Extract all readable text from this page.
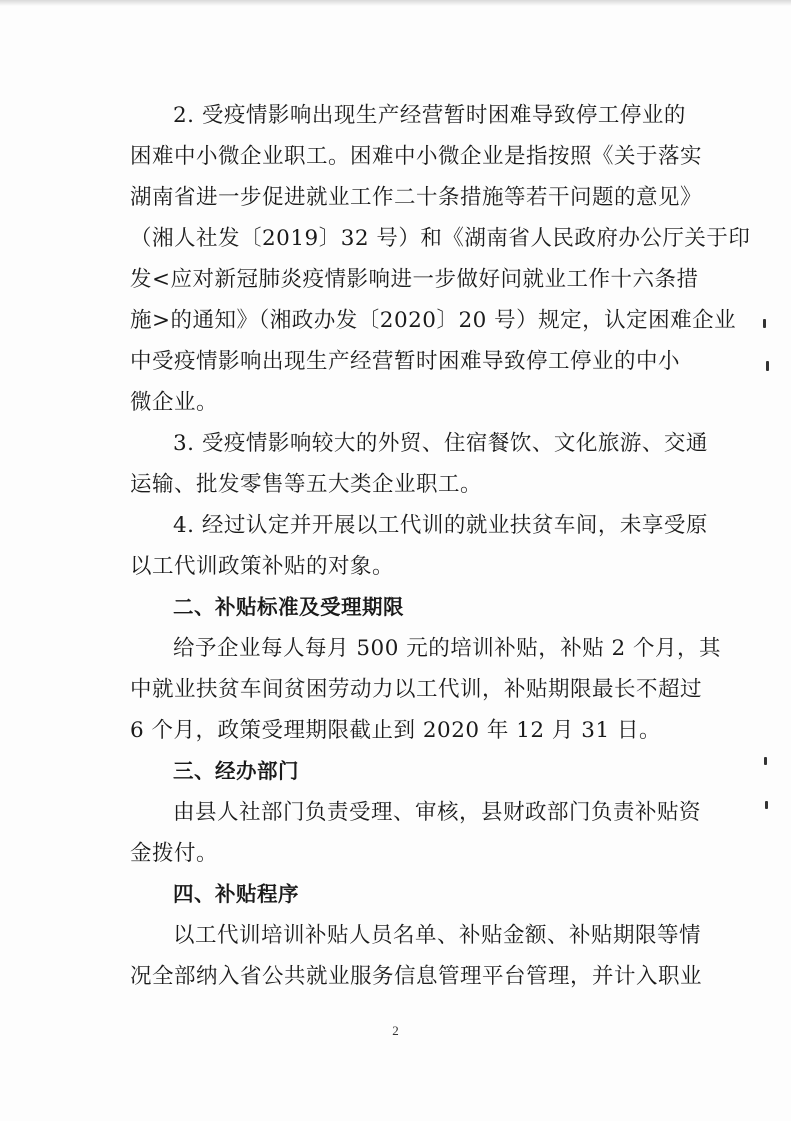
2. 受疫情影响出现生产经营暂时困难导致停工停业的
困难中小微企业职工。困难中小微企业是指按照《关于落实
湖南省进一步促进就业工作二十条措施等若干问题的意见》
（湘人社发〔2019〕32 号）和《湖南省人民政府办公厅关于印
发<应对新冠肺炎疫情影响进一步做好问就业工作十六条措
施>的通知》（湘政办发〔2020〕20 号）规定，认定困难企业
中受疫情影响出现生产经营暂时困难导致停工停业的中小
微企业。
3. 受疫情影响较大的外贸、住宿餐饮、文化旅游、交通
运输、批发零售等五大类企业职工。
4. 经过认定并开展以工代训的就业扶贫车间，未享受原
以工代训政策补贴的对象。
二、补贴标准及受理期限
给予企业每人每月 500 元的培训补贴，补贴 2 个月，其
中就业扶贫车间贫困劳动力以工代训，补贴期限最长不超过
6 个月，政策受理期限截止到 2020 年 12 月 31 日。
三、经办部门
由县人社部门负责受理、审核，县财政部门负责补贴资
金拨付。
四、补贴程序
以工代训培训补贴人员名单、补贴金额、补贴期限等情
况全部纳入省公共就业服务信息管理平台管理，并计入职业
2
